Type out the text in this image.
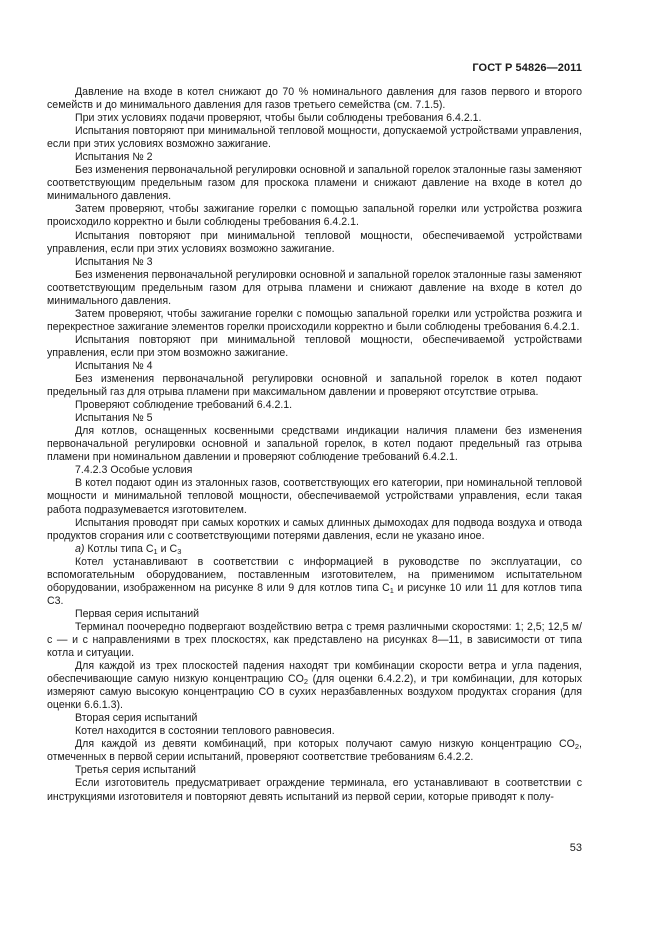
ГОСТ Р 54826—2011

Давление на входе в котел снижают до 70 % номинального давления для газов первого и второго семейств и до минимального давления для газов третьего семейства (см. 7.1.5).

При этих условиях подачи проверяют, чтобы были соблюдены требования 6.4.2.1.

Испытания повторяют при минимальной тепловой мощности, допускаемой устройствами управления, если при этих условиях возможно зажигание.

Испытания № 2

Без изменения первоначальной регулировки основной и запальной горелок эталонные газы заменяют соответствующим предельным газом для проскока пламени и снижают давление на входе в котел до минимального давления.

Затем проверяют, чтобы зажигание горелки с помощью запальной горелки или устройства розжига происходило корректно и были соблюдены требования 6.4.2.1.

Испытания повторяют при минимальной тепловой мощности, обеспечиваемой устройствами управления, если при этих условиях возможно зажигание.

Испытания № 3

Без изменения первоначальной регулировки основной и запальной горелок эталонные газы заменяют соответствующим предельным газом для отрыва пламени и снижают давление на входе в котел до минимального давления.

Затем проверяют, чтобы зажигание горелки с помощью запальной горелки или устройства розжига и перекрестное зажигание элементов горелки происходили корректно и были соблюдены требования 6.4.2.1.

Испытания повторяют при минимальной тепловой мощности, обеспечиваемой устройствами управления, если при этом возможно зажигание.

Испытания № 4

Без изменения первоначальной регулировки основной и запальной горелок в котел подают предельный газ для отрыва пламени при максимальном давлении и проверяют отсутствие отрыва.

Проверяют соблюдение требований 6.4.2.1.

Испытания № 5

Для котлов, оснащенных косвенными средствами индикации наличия пламени без изменения первоначальной регулировки основной и запальной горелок, в котел подают предельный газ отрыва пламени при номинальном давлении и проверяют соблюдение требований 6.4.2.1.

7.4.2.3 Особые условия

В котел подают один из эталонных газов, соответствующих его категории, при номинальной тепловой мощности и минимальной тепловой мощности, обеспечиваемой устройствами управления, если такая работа подразумевается изготовителем.

Испытания проводят при самых коротких и самых длинных дымоходах для подвода воздуха и отвода продуктов сгорания или с соответствующими потерями давления, если не указано иное.

а) Котлы типа $C_1$ и $C_3$

Котел устанавливают в соответствии с информацией в руководстве по эксплуатации, со вспомогательным оборудованием, поставленным изготовителем, на применимом испытательном оборудовании, изображенном на рисунке 8 или 9 для котлов типа $C_1$ и рисунке 10 или 11 для котлов типа C3.

Первая серия испытаний

Терминал поочередно подвергают воздействию ветра с тремя различными скоростями: 1; 2,5; 12,5 м/с — и с направлениями в трех плоскостях, как представлено на рисунках 8—11, в зависимости от типа котла и ситуации.

Для каждой из трех плоскостей падения находят три комбинации скорости ветра и угла падения, обеспечивающие самую низкую концентрацию $CO_2$ (для оценки 6.4.2.2), и три комбинации, для которых измеряют самую высокую концентрацию CO в сухих неразбавленных воздухом продуктах сгорания (для оценки 6.6.1.3).

Вторая серия испытаний

Котел находится в состоянии теплового равновесия.

Для каждой из девяти комбинаций, при которых получают самую низкую концентрацию $CO_2$, отмеченных в первой серии испытаний, проверяют соответствие требованиям 6.4.2.2.

Третья серия испытаний

Если изготовитель предусматривает ограждение терминала, его устанавливают в соответствии с инструкциями изготовителя и повторяют девять испытаний из первой серии, которые приводят к полу-

53
